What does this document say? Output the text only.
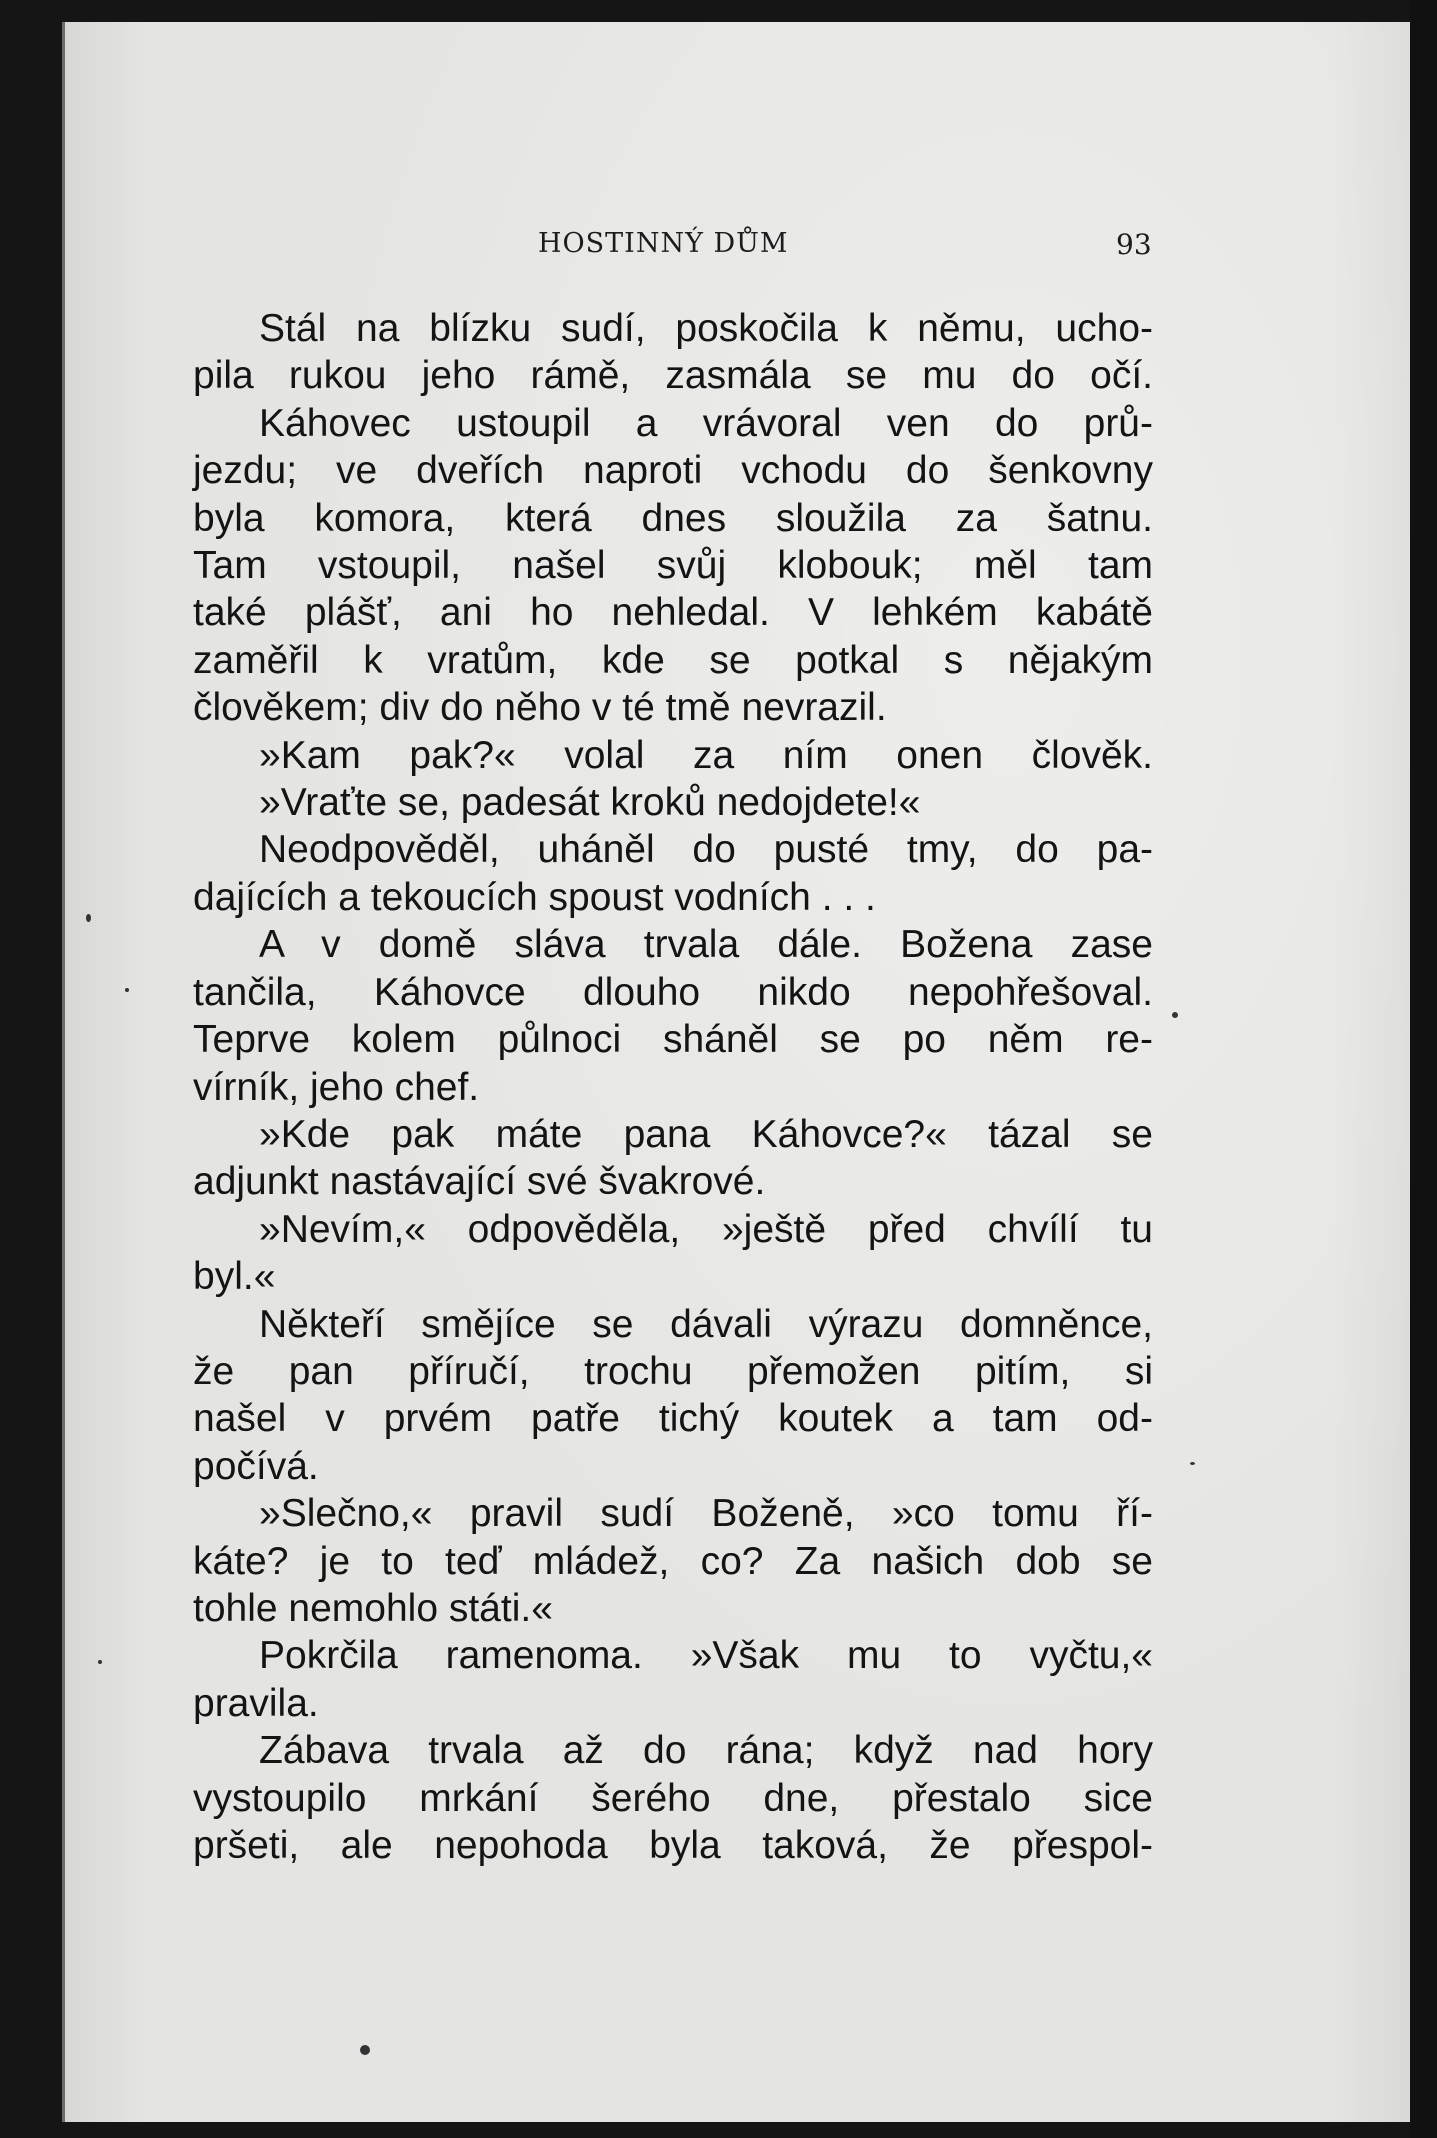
HOSTINNÝ DŮM	93
Stál na blízku sudí, poskočila k němu, ucho-
pila rukou jeho rámě, zasmála se mu do očí.
Káhovec ustoupil a vrávoral ven do prů-
jezdu; ve dveřích naproti vchodu do šenkovny
byla komora, která dnes sloužila za šatnu.
Tam vstoupil, našel svůj klobouk; měl tam
také plášť, ani ho nehledal. V lehkém kabátě
zaměřil k vratům, kde se potkal s nějakým
člověkem; div do něho v té tmě nevrazil.
»Kam pak?« volal za ním onen člověk.
»Vraťte se, padesát kroků nedojdete!«
Neodpověděl, uháněl do pusté tmy, do pa-
dajících a tekoucích spoust vodních . . .
A v domě sláva trvala dále. Božena zase
tančila, Káhovce dlouho nikdo nepohřešoval.
Teprve kolem půlnoci sháněl se po něm re-
vírník, jeho chef.
»Kde pak máte pana Káhovce?« tázal se
adjunkt nastávající své švakrové.
»Nevím,« odpověděla, »ještě před chvílí tu
byl.«
Někteří smějíce se dávali výrazu domněnce,
že pan příručí, trochu přemožen pitím, si
našel v prvém patře tichý koutek a tam od-
počívá.
»Slečno,« pravil sudí Boženě, »co tomu ří-
káte? je to teď mládež, co? Za našich dob se
tohle nemohlo státi.«
Pokrčila ramenoma. »Však mu to vyčtu,«
pravila.
Zábava trvala až do rána; když nad hory
vystoupilo mrkání šerého dne, přestalo sice
pršeti, ale nepohoda byla taková, že přespol-
